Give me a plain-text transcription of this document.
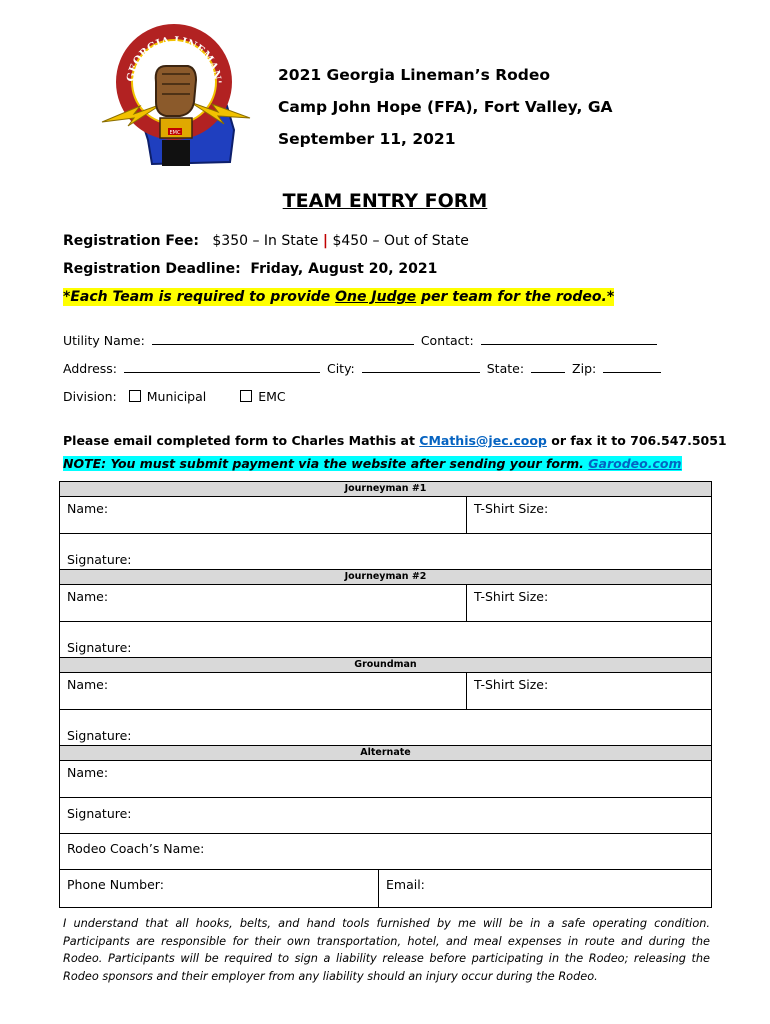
EMC
GEORGIA LINEMAN'	2021 Georgia Lineman’s Rodeo
Camp John Hope (FFA), Fort Valley, GA
September 11, 2021
TEAM ENTRY FORM
Registration Fee: $350 – In State | $450 – Out of State
Registration Deadline: Friday, August 20, 2021
*Each Team is required to provide One Judge per team for the rodeo.*
Utility Name:	Contact:
Address:	City:	State:	Zip:
Division: Municipal	EMC
Please email completed form to Charles Mathis at CMathis@jec.coop or fax it to 706.547.5051
NOTE: You must submit payment via the website after sending your form. Garodeo.com
Journeyman #1
Name:	T-Shirt Size:
Signature:
Journeyman #2
Name:	T-Shirt Size:
Signature:
Groundman
Name:	T-Shirt Size:
Signature:
Alternate
Name:
Signature:
Rodeo Coach’s Name:
Phone Number:	Email:
I understand that all hooks, belts, and hand tools furnished by me will be in a safe operating condition. Participants are responsible for their own transportation, hotel, and meal expenses in route and during the Rodeo. Participants will be required to sign a liability release before participating in the Rodeo; releasing the Rodeo sponsors and their employer from any liability should an injury occur during the Rodeo.
